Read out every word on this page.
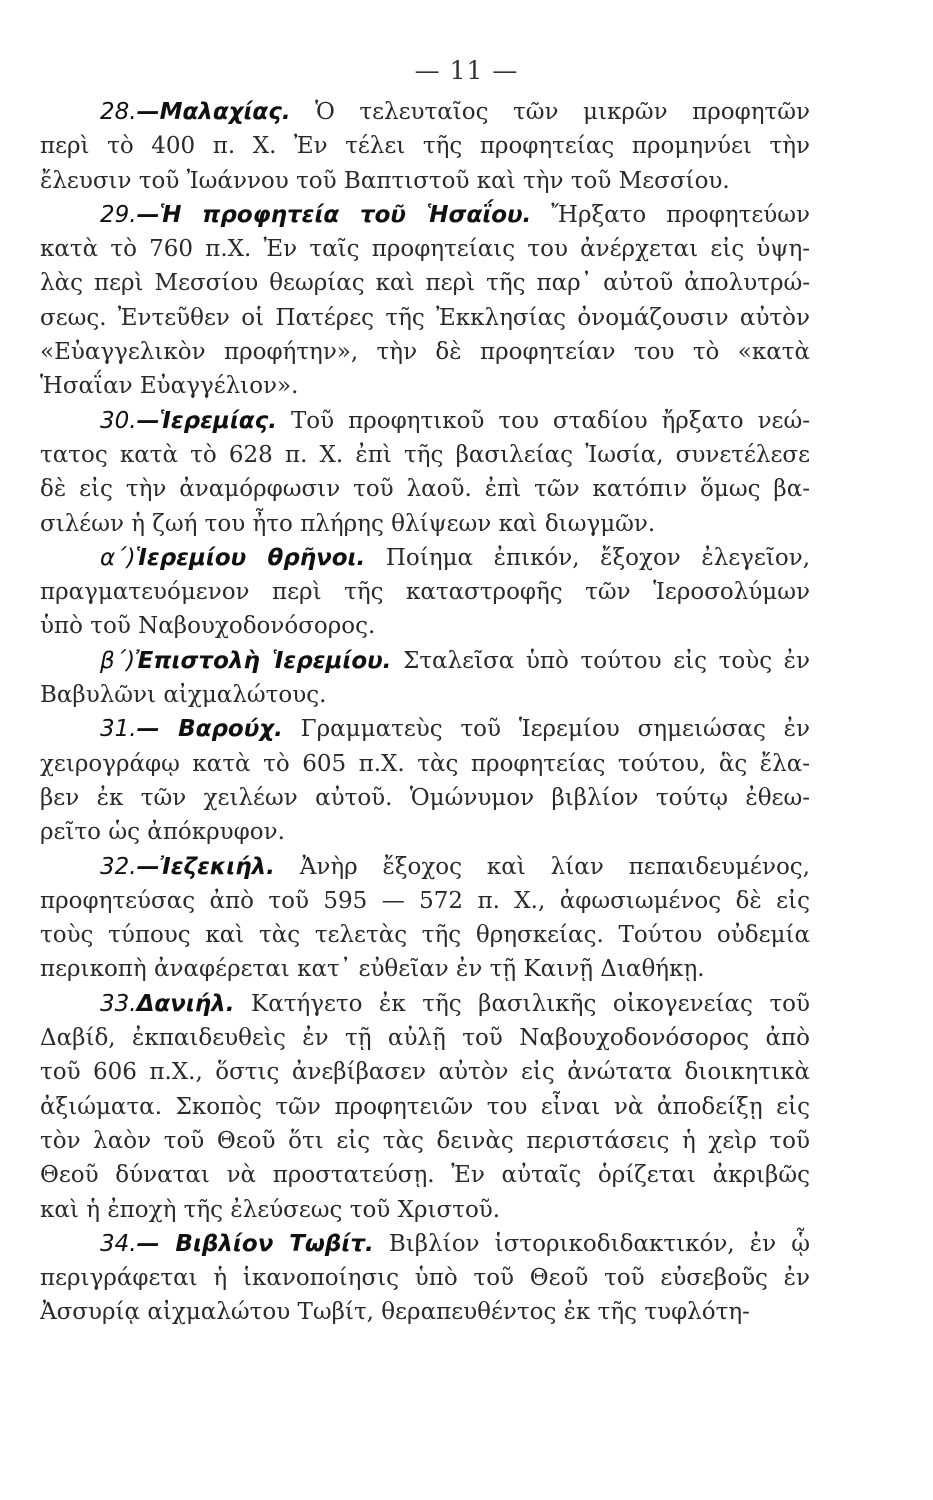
— 11 —
28.—Μαλαχίας. Ὁ τελευταῖος τῶν μικρῶν προφητῶν
περὶ τὸ 400 π. Χ. Ἐν τέλει τῆς προφητείας προμηνύει τὴν
ἔλευσιν τοῦ Ἰωάννου τοῦ Βαπτιστοῦ καὶ τὴν τοῦ Μεσσίου.
29.—Ἡ προφητεία τοῦ Ἡσαΐου. Ἤρξατο προφητεύων
κατὰ τὸ 760 π.Χ. Ἐν ταῖς προφητείαις του ἀνέρχεται εἰς ὑψη-
λὰς περὶ Μεσσίου θεωρίας καὶ περὶ τῆς παρ᾽ αὐτοῦ ἀπολυτρώ-
σεως. Ἐντεῦθεν οἱ Πατέρες τῆς Ἐκκλησίας ὀνομάζουσιν αὐτὸν
«Εὐαγγελικὸν προφήτην», τὴν δὲ προφητείαν του τὸ «κατὰ
Ἡσαΐαν Εὐαγγέλιον».
30.—Ἱερεμίας. Τοῦ προφητικοῦ του σταδίου ἤρξατο νεώ-
τατος κατὰ τὸ 628 π. Χ. ἐπὶ τῆς βασιλείας Ἰωσία, συνετέλεσε
δὲ εἰς τὴν ἀναμόρφωσιν τοῦ λαοῦ. ἐπὶ τῶν κατόπιν ὅμως βα-
σιλέων ἡ ζωή του ἦτο πλήρης θλίψεων καὶ διωγμῶν.
α΄)Ἱερεμίου θρῆνοι. Ποίημα ἐπικόν, ἔξοχον ἐλεγεῖον,
πραγματευόμενον περὶ τῆς καταστροφῆς τῶν Ἱεροσολύμων
ὑπὸ τοῦ Ναβουχοδονόσορος.
β΄)Ἐπιστολὴ Ἱερεμίου. Σταλεῖσα ὑπὸ τούτου εἰς τοὺς ἐν
Βαβυλῶνι αἰχμαλώτους.
31.— Βαρούχ. Γραμματεὺς τοῦ Ἱερεμίου σημειώσας ἐν
χειρογράφῳ κατὰ τὸ 605 π.Χ. τὰς προφητείας τούτου, ἃς ἔλα-
βεν ἐκ τῶν χειλέων αὐτοῦ. Ὁμώνυμον βιβλίον τούτῳ ἐθεω-
ρεῖτο ὡς ἀπόκρυφον.
32.—Ἰεζεκιήλ. Ἀνὴρ ἔξοχος καὶ λίαν πεπαιδευμένος,
προφητεύσας ἀπὸ τοῦ 595 — 572 π. Χ., ἀφωσιωμένος δὲ εἰς
τοὺς τύπους καὶ τὰς τελετὰς τῆς θρησκείας. Τούτου οὐδεμία
περικοπὴ ἀναφέρεται κατ᾽ εὐθεῖαν ἐν τῇ Καινῇ Διαθήκῃ.
33.Δανιήλ. Κατήγετο ἐκ τῆς βασιλικῆς οἰκογενείας τοῦ
Δαβίδ, ἐκπαιδευθεὶς ἐν τῇ αὐλῇ τοῦ Ναβουχοδονόσορος ἀπὸ
τοῦ 606 π.Χ., ὅστις ἀνεβίβασεν αὐτὸν εἰς ἀνώτατα διοικητικὰ
ἀξιώματα. Σκοπὸς τῶν προφητειῶν του εἶναι νὰ ἀποδείξῃ εἰς
τὸν λαὸν τοῦ Θεοῦ ὅτι εἰς τὰς δεινὰς περιστάσεις ἡ χεὶρ τοῦ
Θεοῦ δύναται νὰ προστατεύσῃ. Ἐν αὐταῖς ὁρίζεται ἀκριβῶς
καὶ ἡ ἐποχὴ τῆς ἐλεύσεως τοῦ Χριστοῦ.
34.— Βιβλίον Τωβίτ. Βιβλίον ἱστορικοδιδακτικόν, ἐν ᾧ
περιγράφεται ἡ ἱκανοποίησις ὑπὸ τοῦ Θεοῦ τοῦ εὐσεβοῦς ἐν
Ἀσσυρίᾳ αἰχμαλώτου Τωβίτ, θεραπευθέντος ἐκ τῆς τυφλότη-
